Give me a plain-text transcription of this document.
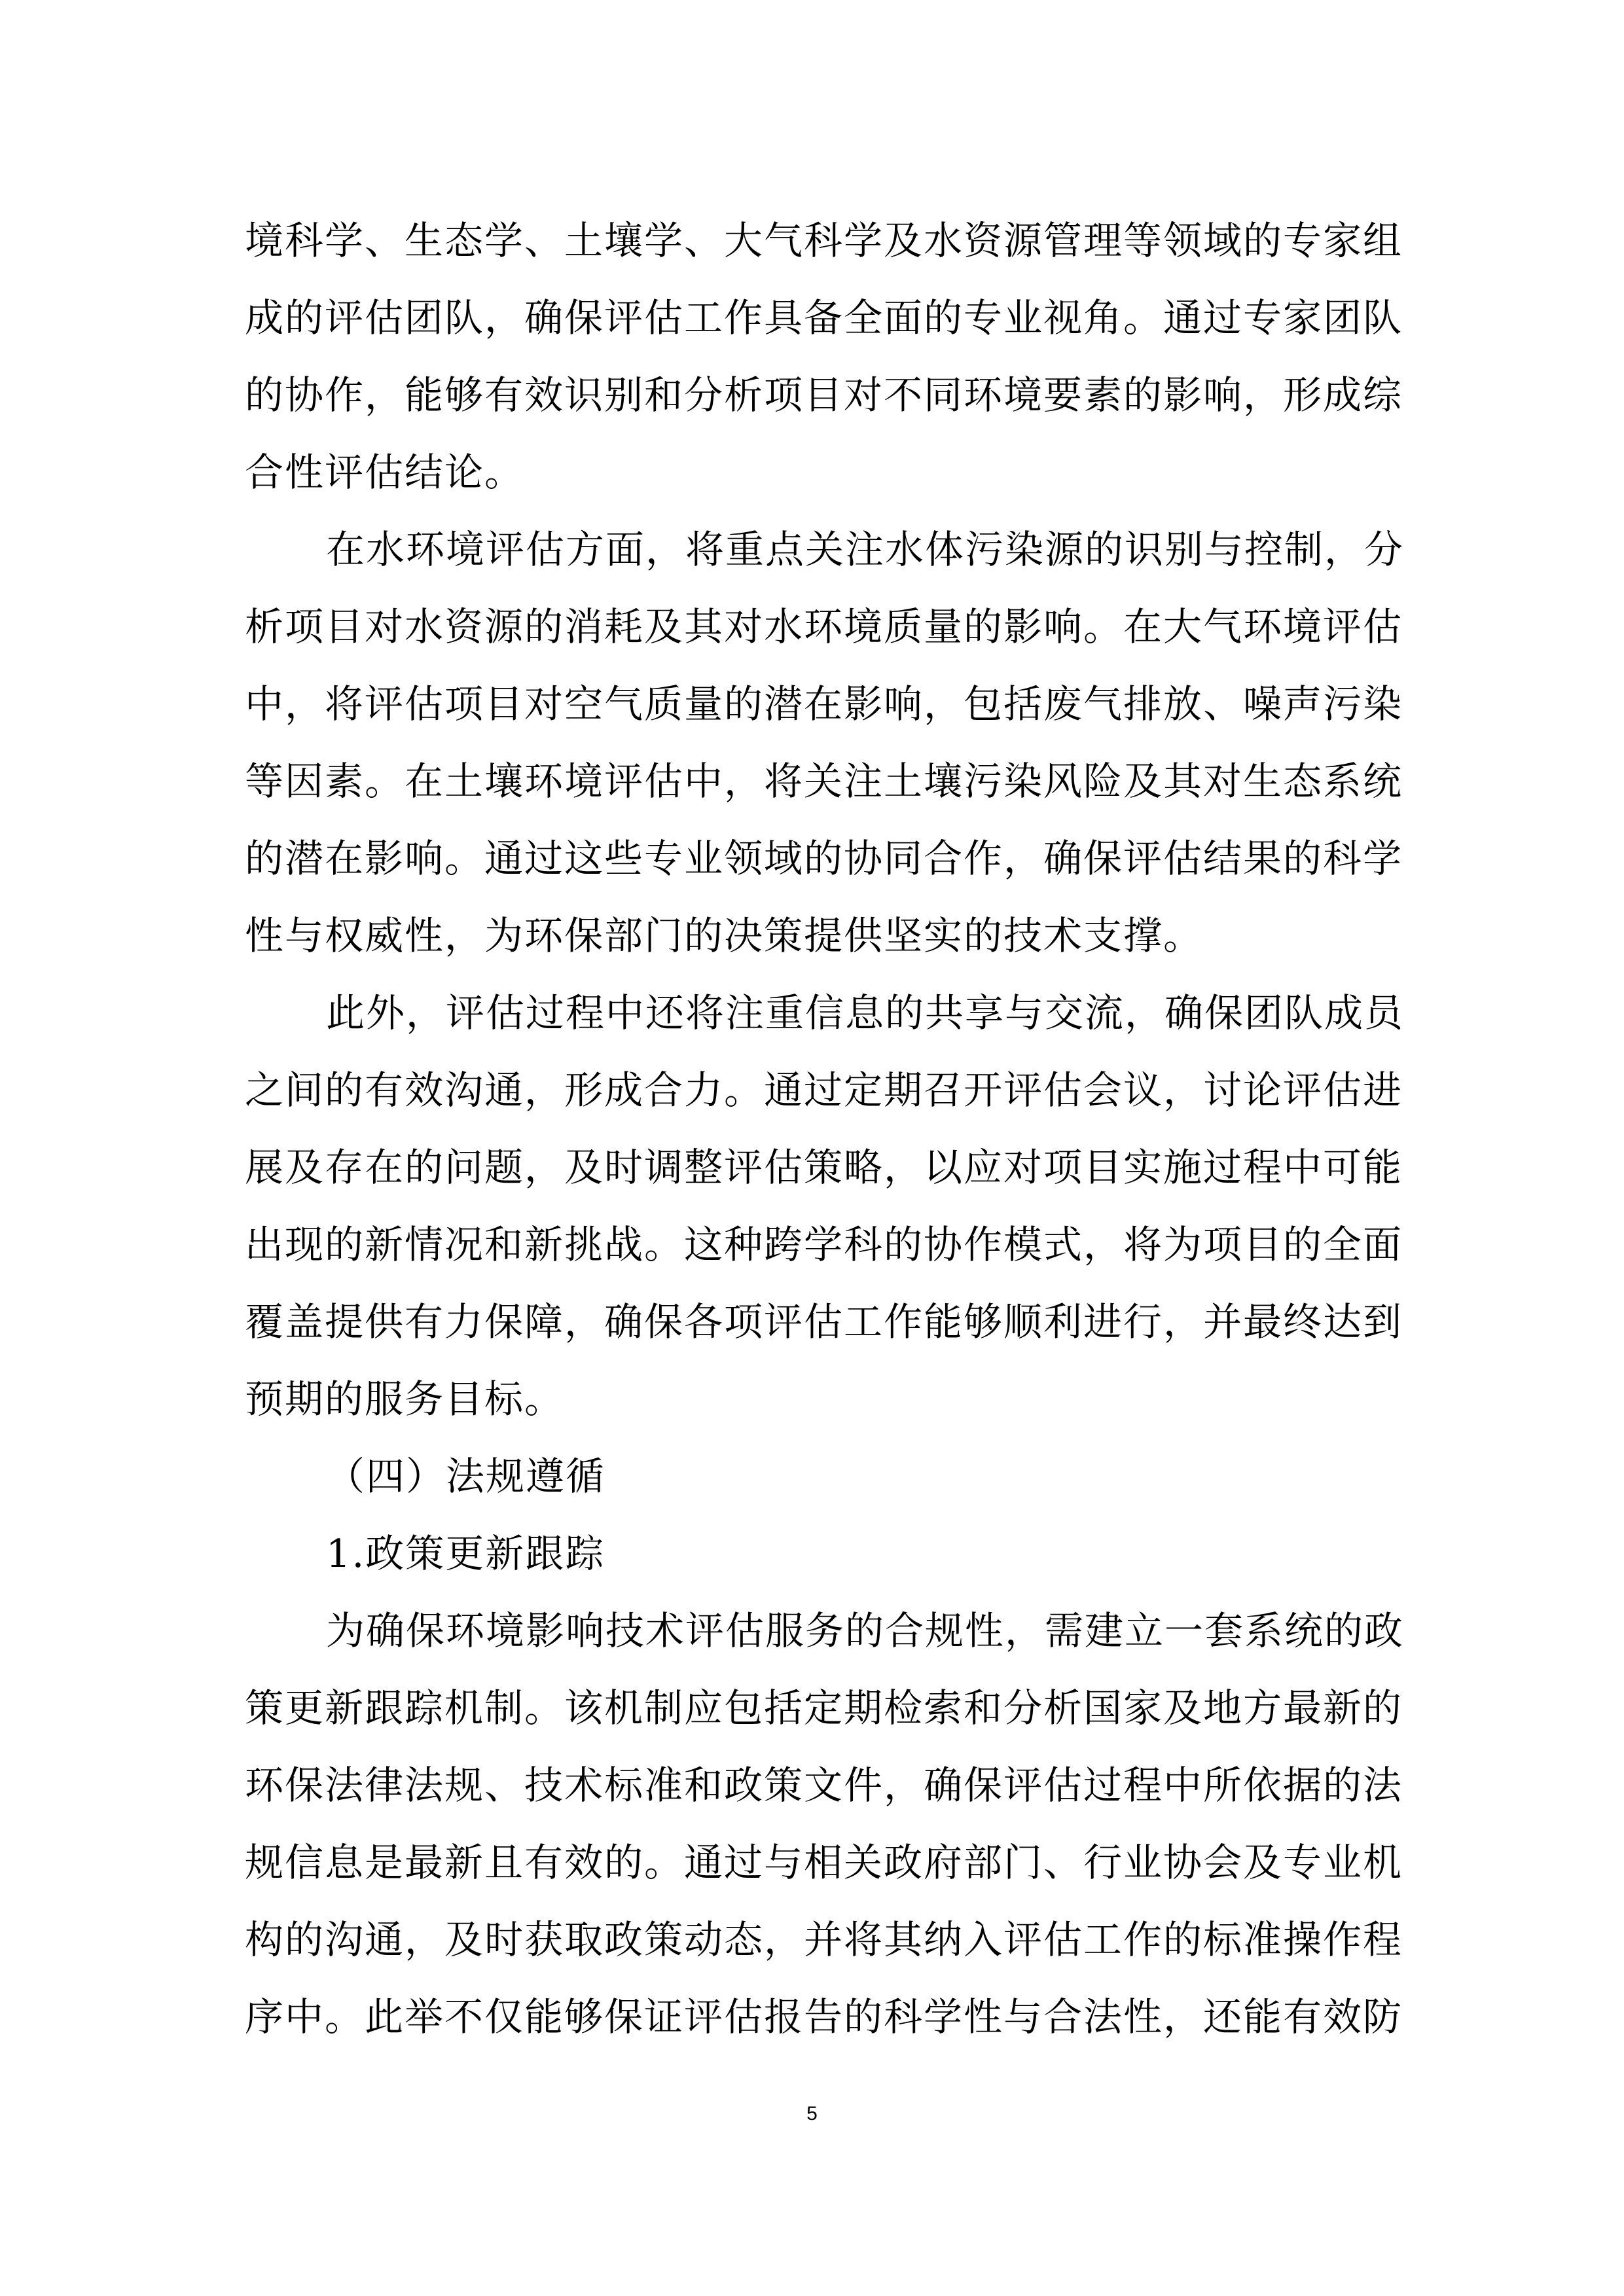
境科学、生态学、土壤学、大气科学及水资源管理等领域的专家组
成的评估团队，确保评估工作具备全面的专业视角。通过专家团队
的协作，能够有效识别和分析项目对不同环境要素的影响，形成综
合性评估结论。
在水环境评估方面，将重点关注水体污染源的识别与控制，分
析项目对水资源的消耗及其对水环境质量的影响。在大气环境评估
中，将评估项目对空气质量的潜在影响，包括废气排放、噪声污染
等因素。在土壤环境评估中，将关注土壤污染风险及其对生态系统
的潜在影响。通过这些专业领域的协同合作，确保评估结果的科学
性与权威性，为环保部门的决策提供坚实的技术支撑。
此外，评估过程中还将注重信息的共享与交流，确保团队成员
之间的有效沟通，形成合力。通过定期召开评估会议，讨论评估进
展及存在的问题，及时调整评估策略，以应对项目实施过程中可能
出现的新情况和新挑战。这种跨学科的协作模式，将为项目的全面
覆盖提供有力保障，确保各项评估工作能够顺利进行，并最终达到
预期的服务目标。
（四）法规遵循
1.政策更新跟踪
为确保环境影响技术评估服务的合规性，需建立一套系统的政
策更新跟踪机制。该机制应包括定期检索和分析国家及地方最新的
环保法律法规、技术标准和政策文件，确保评估过程中所依据的法
规信息是最新且有效的。通过与相关政府部门、行业协会及专业机
构的沟通，及时获取政策动态，并将其纳入评估工作的标准操作程
序中。此举不仅能够保证评估报告的科学性与合法性，还能有效防
5
